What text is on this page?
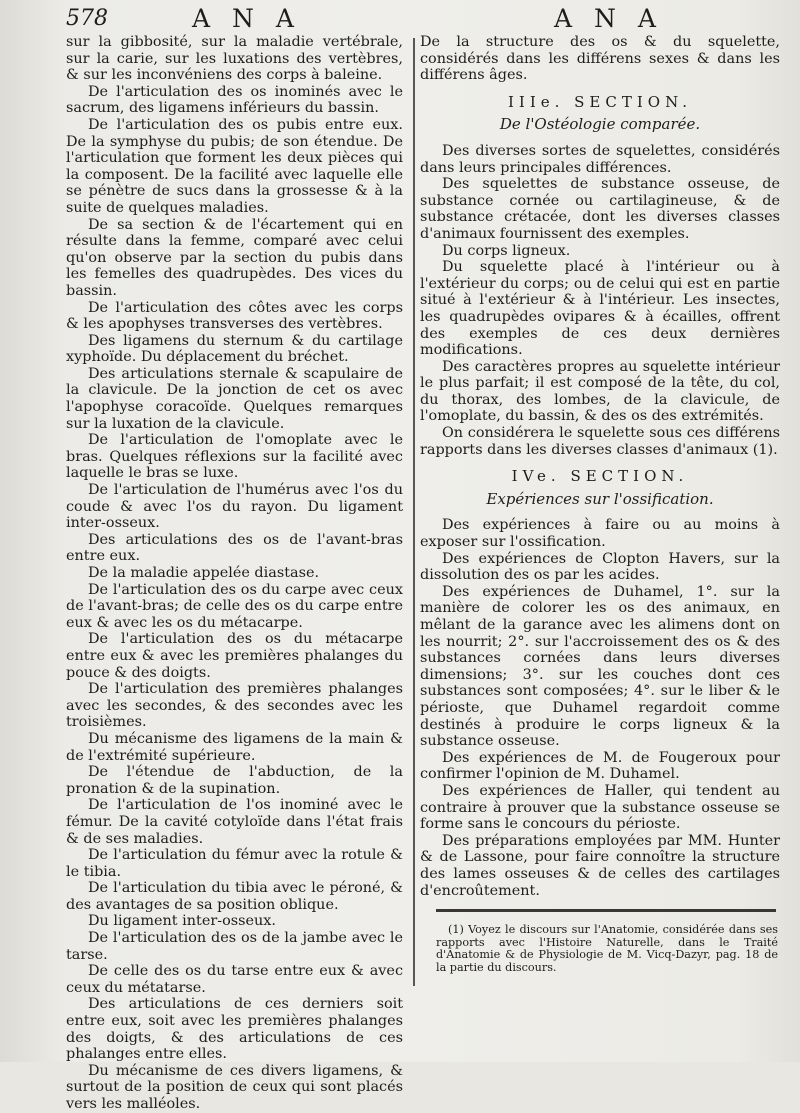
578	A N A	A N A

sur la gibbosité, sur la maladie vertébrale, sur la carie, sur les luxations des vertèbres, & sur les inconvéniens des corps à baleine.

De l'articulation des os inominés avec le sacrum, des ligamens inférieurs du bassin.

De l'articulation des os pubis entre eux. De la symphyse du pubis; de son étendue. De l'articulation que forment les deux pièces qui la composent. De la facilité avec laquelle elle se pénètre de sucs dans la grossesse & à la suite de quelques maladies.

De sa section & de l'écartement qui en résulte dans la femme, comparé avec celui qu'on observe par la section du pubis dans les femelles des quadrupèdes. Des vices du bassin.

De l'articulation des côtes avec les corps & les apophyses transverses des vertèbres.

Des ligamens du sternum & du cartilage xyphoïde. Du déplacement du bréchet.

Des articulations sternale & scapulaire de la clavicule. De la jonction de cet os avec l'apophyse coracoïde. Quelques remarques sur la luxation de la clavicule.

De l'articulation de l'omoplate avec le bras. Quelques réflexions sur la facilité avec laquelle le bras se luxe.

De l'articulation de l'humérus avec l'os du coude & avec l'os du rayon. Du ligament inter-osseux.

Des articulations des os de l'avant-bras entre eux.

De la maladie appelée diastase.

De l'articulation des os du carpe avec ceux de l'avant-bras; de celle des os du carpe entre eux & avec les os du métacarpe.

De l'articulation des os du métacarpe entre eux & avec les premières phalanges du pouce & des doigts.

De l'articulation des premières phalanges avec les secondes, & des secondes avec les troisièmes.

Du mécanisme des ligamens de la main & de l'extrémité supérieure.

De l'étendue de l'abduction, de la pronation & de la supination.

De l'articulation de l'os inominé avec le fémur. De la cavité cotyloïde dans l'état frais & de ses maladies.

De l'articulation du fémur avec la rotule & le tibia.

De l'articulation du tibia avec le péroné, & des avantages de sa position oblique.

Du ligament inter-osseux.

De l'articulation des os de la jambe avec le tarse.

De celle des os du tarse entre eux & avec ceux du métatarse.

Des articulations de ces derniers soit entre eux, soit avec les premières phalanges des doigts, & des articulations de ces phalanges entre elles.

Du mécanisme de ces divers ligamens, & surtout de la position de ceux qui sont placés vers les malléoles.

De la structure des os & du squelette, considérés dans les différens sexes & dans les différens âges.

IIIe. SECTION.
De l'Ostéologie comparée.

Des diverses sortes de squelettes, considérés dans leurs principales différences.

Des squelettes de substance osseuse, de substance cornée ou cartilagineuse, & de substance crétacée, dont les diverses classes d'animaux fournissent des exemples.

Du corps ligneux.

Du squelette placé à l'intérieur ou à l'extérieur du corps; ou de celui qui est en partie situé à l'extérieur & à l'intérieur. Les insectes, les quadrupèdes ovipares & à écailles, offrent des exemples de ces deux dernières modifications.

Des caractères propres au squelette intérieur le plus parfait; il est composé de la tête, du col, du thorax, des lombes, de la clavicule, de l'omoplate, du bassin, & des os des extrémités.

On considérera le squelette sous ces différens rapports dans les diverses classes d'animaux (1).

IVe. SECTION.
Expériences sur l'ossification.

Des expériences à faire ou au moins à exposer sur l'ossification.

Des expériences de Clopton Havers, sur la dissolution des os par les acides.

Des expériences de Duhamel, 1°. sur la manière de colorer les os des animaux, en mêlant de la garance avec les alimens dont on les nourrit; 2°. sur l'accroissement des os & des substances cornées dans leurs diverses dimensions; 3°. sur les couches dont ces substances sont composées; 4°. sur le liber & le périoste, que Duhamel regardoit comme destinés à produire le corps ligneux & la substance osseuse.

Des expériences de M. de Fougeroux pour confirmer l'opinion de M. Duhamel.

Des expériences de Haller, qui tendent au contraire à prouver que la substance osseuse se forme sans le concours du périoste.

Des préparations employées par MM. Hunter & de Lassone, pour faire connoître la structure des lames osseuses & de celles des cartilages d'encroûtement.

(1) Voyez le discours sur l'Anatomie, considérée dans ses rapports avec l'Histoire Naturelle, dans le Traité d'Anatomie & de Physiologie de M. Vicq-Dazyr, pag. 18 de la partie du discours.
